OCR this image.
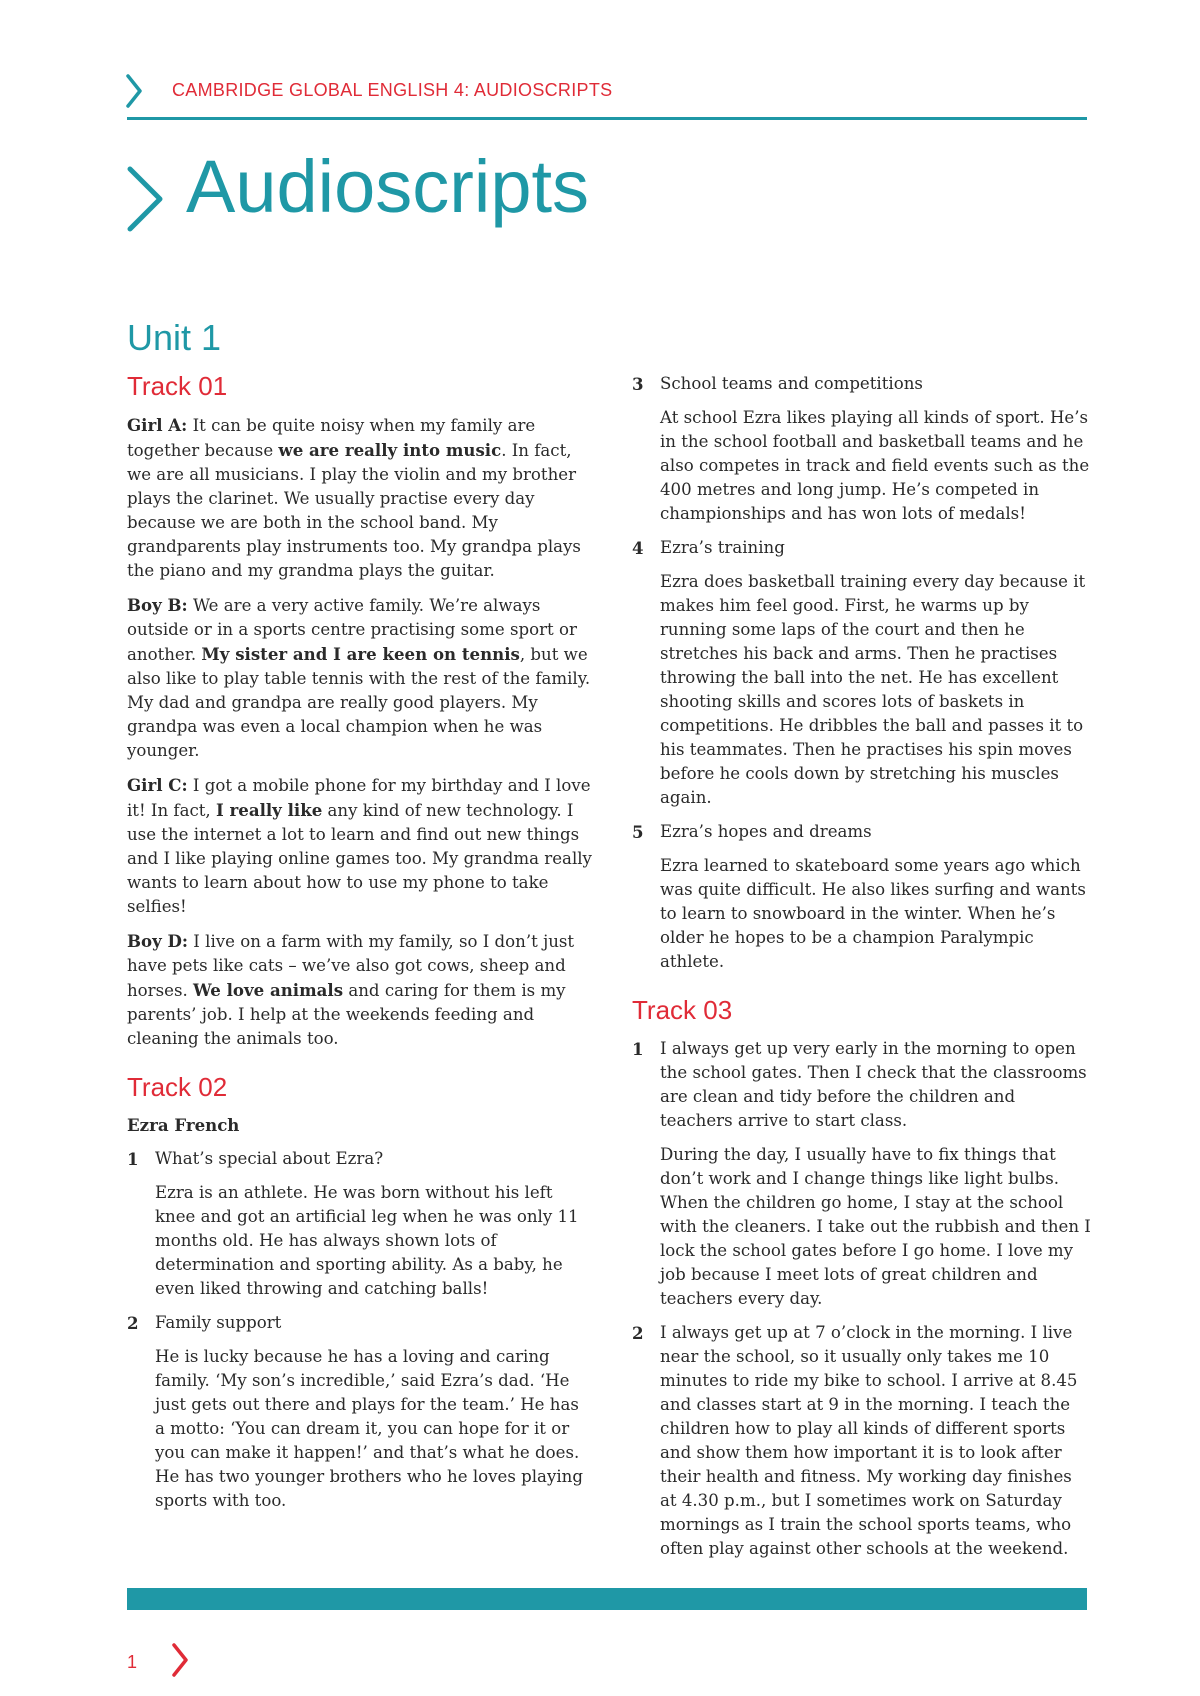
CAMBRIDGE GLOBAL ENGLISH 4: AUDIOSCRIPTS
Audioscripts
Unit 1
Track 01

Girl A: It can be quite noisy when my family are together because we are really into music. In fact, we are all musicians. I play the violin and my brother plays the clarinet. We usually practise every day because we are both in the school band. My grandparents play instruments too. My grandpa plays the piano and my grandma plays the guitar.

Boy B: We are a very active family. We’re always outside or in a sports centre practising some sport or another. My sister and I are keen on tennis, but we also like to play table tennis with the rest of the family. My dad and grandpa are really good players. My grandpa was even a local champion when he was younger.

Girl C: I got a mobile phone for my birthday and I love it! In fact, I really like any kind of new technology. I use the internet a lot to learn and find out new things and I like playing online games too. My grandma really wants to learn about how to use my phone to take selfies!

Boy D: I live on a farm with my family, so I don’t just have pets like cats – we’ve also got cows, sheep and horses. We love animals and caring for them is my parents’ job. I help at the weekends feeding and cleaning the animals too.

Track 02
Ezra French
1 What’s special about Ezra?

Ezra is an athlete. He was born without his left knee and got an artificial leg when he was only 11 months old. He has always shown lots of determination and sporting ability. As a baby, he even liked throwing and catching balls!

2 Family support

He is lucky because he has a loving and caring family. ‘My son’s incredible,’ said Ezra’s dad. ‘He just gets out there and plays for the team.’ He has a motto: ‘You can dream it, you can hope for it or you can make it happen!’ and that’s what he does. He has two younger brothers who he loves playing sports with too.

3 School teams and competitions

At school Ezra likes playing all kinds of sport. He’s in the school football and basketball teams and he also competes in track and field events such as the 400 metres and long jump. He’s competed in championships and has won lots of medals!

4 Ezra’s training

Ezra does basketball training every day because it makes him feel good. First, he warms up by running some laps of the court and then he stretches his back and arms. Then he practises throwing the ball into the net. He has excellent shooting skills and scores lots of baskets in competitions. He dribbles the ball and passes it to his teammates. Then he practises his spin moves before he cools down by stretching his muscles again.

5 Ezra’s hopes and dreams

Ezra learned to skateboard some years ago which was quite difficult. He also likes surfing and wants to learn to snowboard in the winter. When he’s older he hopes to be a champion Paralympic athlete.

Track 03
1 I always get up very early in the morning to open the school gates. Then I check that the classrooms are clean and tidy before the children and teachers arrive to start class.

During the day, I usually have to fix things that don’t work and I change things like light bulbs. When the children go home, I stay at the school with the cleaners. I take out the rubbish and then I lock the school gates before I go home. I love my job because I meet lots of great children and teachers every day.

2 I always get up at 7 o’clock in the morning. I live near the school, so it usually only takes me 10 minutes to ride my bike to school. I arrive at 8.45 and classes start at 9 in the morning. I teach the children how to play all kinds of different sports and show them how important it is to look after their health and fitness. My working day finishes at 4.30 p.m., but I sometimes work on Saturday mornings as I train the school sports teams, who often play against other schools at the weekend.
1
